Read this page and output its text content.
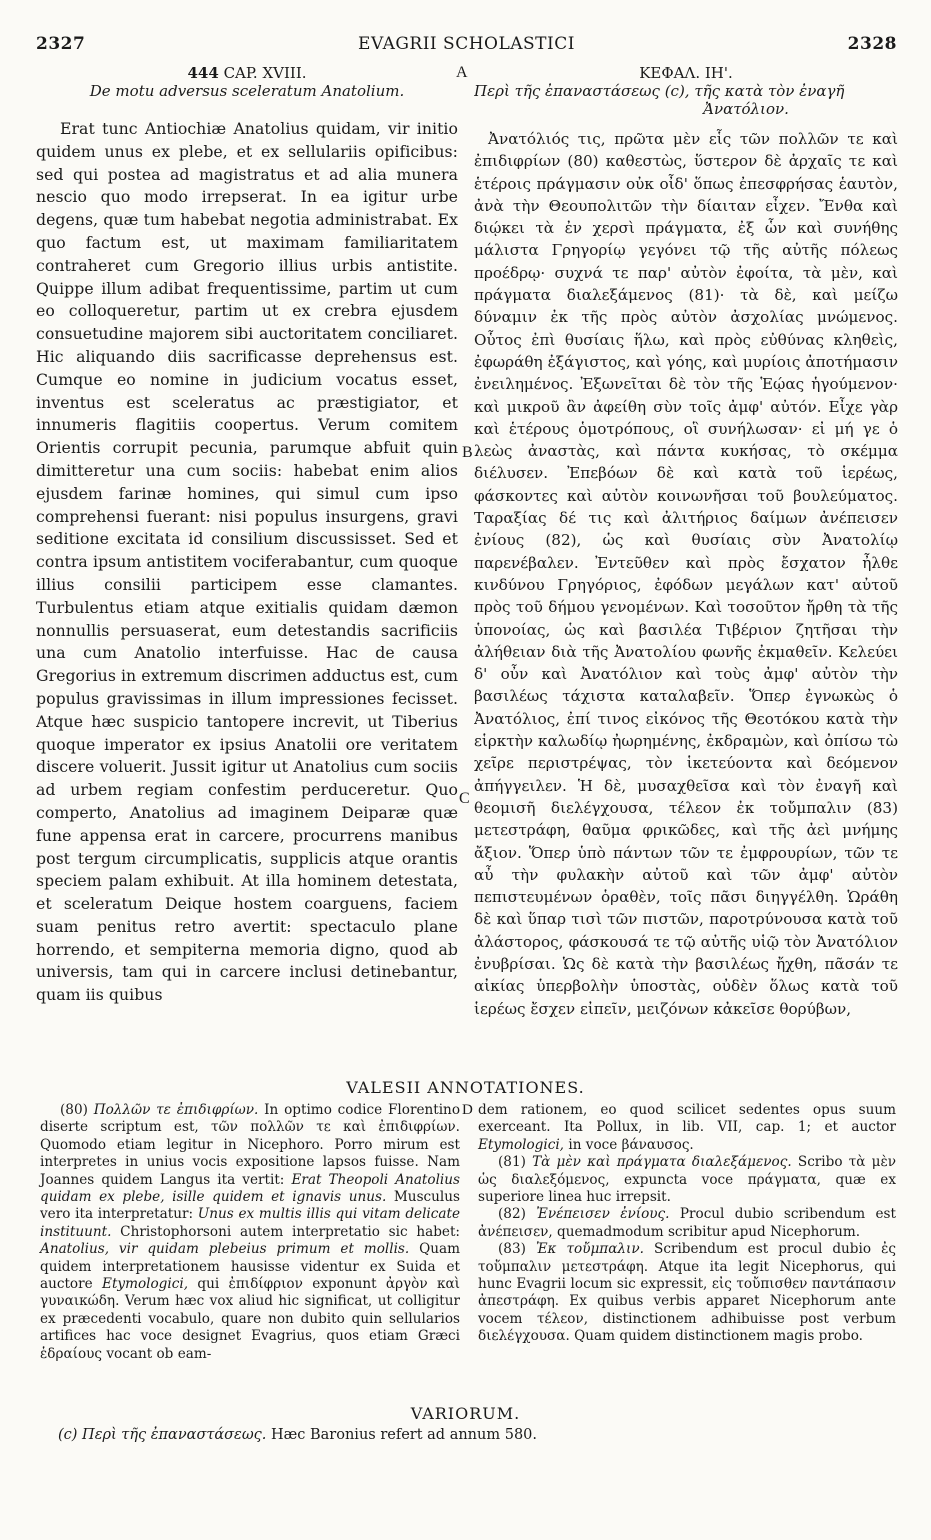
2327	EVAGRII SCHOLASTICI	2328

444 CAP. XVIII.

De motu adversus sceleratum Anatolium.

Erat tunc Antiochiæ Anatolius quidam, vir initio quidem unus ex plebe, et ex sellulariis opificibus: sed qui postea ad magistratus et ad alia munera nescio quo modo irrepserat. In ea igitur urbe degens, quæ tum habebat negotia administrabat. Ex quo factum est, ut maximam familiaritatem contraheret cum Gregorio illius urbis antistite. Quippe illum adibat frequentissime, partim ut cum eo colloqueretur, partim ut ex crebra ejusdem consuetudine majorem sibi auctoritatem conciliaret. Hic aliquando diis sacrificasse deprehensus est. Cumque eo nomine in judicium vocatus esset, inventus est sceleratus ac præstigiator, et innumeris flagitiis coopertus. Verum comitem Orientis corrupit pecunia, parumque abfuit quin dimitteretur una cum sociis: habebat enim alios ejusdem farinæ homines, qui simul cum ipso comprehensi fuerant: nisi populus insurgens, gravi seditione excitata id consilium discussisset. Sed et contra ipsum antistitem vociferabantur, cum quoque illius consilii participem esse clamantes. Turbulentus etiam atque exitialis quidam dæmon nonnullis persuaserat, eum detestandis sacrificiis una cum Anatolio interfuisse. Hac de causa Gregorius in extremum discrimen adductus est, cum populus gravissimas in illum impressiones fecisset. Atque hæc suspicio tantopere increvit, ut Tiberius quoque imperator ex ipsius Anatolii ore veritatem discere voluerit. Jussit igitur ut Anatolius cum sociis ad urbem regiam confestim perduceretur. Quo comperto, Anatolius ad imaginem Deiparæ quæ fune appensa erat in carcere, procurrens manibus post tergum circumplicatis, supplicis atque orantis speciem palam exhibuit. At illa hominem detestata, et sceleratum Deique hostem coarguens, faciem suam penitus retro avertit: spectaculo plane horrendo, et sempiterna memoria digno, quod ab universis, tam qui in carcere inclusi detinebantur, quam iis quibus
A
B
C

ΚΕΦΑΛ. ΙΗ'.

Περὶ τῆς ἐπαναστάσεως (c), τῆς κατὰ τὸν ἐναγῆ

Ἀνατόλιον.

Ἀνατόλιός τις, πρῶτα μὲν εἷς τῶν πολλῶν τε καὶ ἐπιδιφρίων (80) καθεστὼς, ὕστερον δὲ ἀρχαῖς τε καὶ ἑτέροις πράγμασιν οὐκ οἶδ' ὅπως ἐπεσφρήσας ἑαυτὸν, ἀνὰ τὴν Θεουπολιτῶν τὴν δίαιταν εἶχεν. Ἔνθα καὶ διῴκει τὰ ἐν χερσὶ πράγματα, ἐξ ὧν καὶ συνήθης μάλιστα Γρηγορίῳ γεγόνει τῷ τῆς αὐτῆς πόλεως προέδρῳ· συχνά τε παρ' αὐτὸν ἐφοίτα, τὰ μὲν, καὶ πράγματα διαλεξάμενος (81)· τὰ δὲ, καὶ μείζω δύναμιν ἐκ τῆς πρὸς αὐτὸν ἀσχολίας μνώμενος. Οὗτος ἐπὶ θυσίαις ἥλω, καὶ πρὸς εὐθύνας κληθεὶς, ἐφωράθη ἐξάγιστος, καὶ γόης, καὶ μυρίοις ἀποτήμασιν ἐνειλημένος. Ἐξωνεῖται δὲ τὸν τῆς Ἑῴας ἡγούμενον· καὶ μικροῦ ἂν ἀφείθη σὺν τοῖς ἀμφ' αὐτόν. Εἶχε γὰρ καὶ ἑτέρους ὁμοτρόπους, οἳ συνήλωσαν· εἰ μή γε ὁ λεὼς ἀναστὰς, καὶ πάντα κυκήσας, τὸ σκέμμα διέλυσεν. Ἐπεβόων δὲ καὶ κατὰ τοῦ ἱερέως, φάσκοντες καὶ αὐτὸν κοινωνῆσαι τοῦ βουλεύματος. Ταραξίας δέ τις καὶ ἀλιτήριος δαίμων ἀνέπεισεν ἐνίους (82), ὡς καὶ θυσίαις σὺν Ἀνατολίῳ παρενέβαλεν. Ἐντεῦθεν καὶ πρὸς ἔσχατον ἦλθε κινδύνου Γρηγόριος, ἐφόδων μεγάλων κατ' αὐτοῦ πρὸς τοῦ δήμου γενομένων. Καὶ τοσοῦτον ἤρθη τὰ τῆς ὑπονοίας, ὡς καὶ βασιλέα Τιβέριον ζητῆσαι τὴν ἀλήθειαν διὰ τῆς Ἀνατολίου φωνῆς ἐκμαθεῖν. Κελεύει δ' οὖν καὶ Ἀνατόλιον καὶ τοὺς ἀμφ' αὐτὸν τὴν βασιλέως τάχιστα καταλαβεῖν. Ὅπερ ἐγνωκὼς ὁ Ἀνατόλιος, ἐπί τινος εἰκόνος τῆς Θεοτόκου κατὰ τὴν εἱρκτὴν καλωδίῳ ἠωρημένης, ἐκδραμὼν, καὶ ὀπίσω τὼ χεῖρε περιστρέψας, τὸν ἱκετεύοντα καὶ δεόμενον ἀπήγγειλεν. Ἡ δὲ, μυσαχθεῖσα καὶ τὸν ἐναγῆ καὶ θεομισῆ διελέγχουσα, τέλεον ἐκ τοὔμπαλιν (83) μετεστράφη, θαῦμα φρικῶδες, καὶ τῆς ἀεὶ μνήμης ἄξιον. Ὅπερ ὑπὸ πάντων τῶν τε ἐμφρουρίων, τῶν τε αὖ τὴν φυλακὴν αὐτοῦ καὶ τῶν ἀμφ' αὐτὸν πεπιστευμένων ὁραθὲν, τοῖς πᾶσι διηγγέλθη. Ὡράθη δὲ καὶ ὕπαρ τισὶ τῶν πιστῶν, παροτρύνουσα κατὰ τοῦ ἀλάστορος, φάσκουσά τε τῷ αὐτῆς υἱῷ τὸν Ἀνατόλιον ἐνυβρίσαι. Ὡς δὲ κατὰ τὴν βασιλέως ἤχθη, πᾶσάν τε αἰκίας ὑπερβολὴν ὑποστὰς, οὐδὲν ὅλως κατὰ τοῦ ἱερέως ἔσχεν εἰπεῖν, μειζόνων κἀκεῖσε θορύβων,
VALESII ANNOTATIONES.

(80) Πολλῶν τε ἐπιδιφρίων. In optimo codice Florentino diserte scriptum est, τῶν πολλῶν τε καὶ ἐπιδιφρίων. Quomodo etiam legitur in Nicephoro. Porro mirum est interpretes in unius vocis expositione lapsos fuisse. Nam Joannes quidem Langus ita vertit: Erat Theopoli Anatolius quidam ex plebe, isille quidem et ignavis unus. Musculus vero ita interpretatur: Unus ex multis illis qui vitam delicate instituunt. Christophorsoni autem interpretatio sic habet: Anatolius, vir quidam plebeius primum et mollis. Quam quidem interpretationem hausisse videntur ex Suida et auctore Etymologici, qui ἐπιδίφριον exponunt ἀργὸν καὶ γυναικώδη. Verum hæc vox aliud hic significat, ut colligitur ex præcedenti vocabulo, quare non dubito quin sellularios artifices hac voce designet Evagrius, quos etiam Græci ἑδραίους vocant ob eam-

D dem rationem, eo quod scilicet sedentes opus suum exerceant. Ita Pollux, in lib. VII, cap. 1; et auctor Etymologici, in voce βάναυσος.

(81) Τὰ μὲν καὶ πράγματα διαλεξάμενος. Scribo τὰ μὲν ὡς διαλεξόμενος, expuncta voce πράγματα, quæ ex superiore linea huc irrepsit.

(82) Ἐνέπεισεν ἐνίους. Procul dubio scribendum est ἀνέπεισεν, quemadmodum scribitur apud Nicephorum.

(83) Ἐκ τοὔμπαλιν. Scribendum est procul dubio ἐς τοὔμπαλιν μετεστράφη. Atque ita legit Nicephorus, qui hunc Evagrii locum sic expressit, εἰς τοὔπισθεν παντάπασιν ἀπεστράφη. Ex quibus verbis apparet Nicephorum ante vocem τέλεον, distinctionem adhibuisse post verbum διελέγχουσα. Quam quidem distinctionem magis probo.

VARIORUM.
(c) Περὶ τῆς ἐπαναστάσεως. Hæc Baronius refert ad annum 580.
